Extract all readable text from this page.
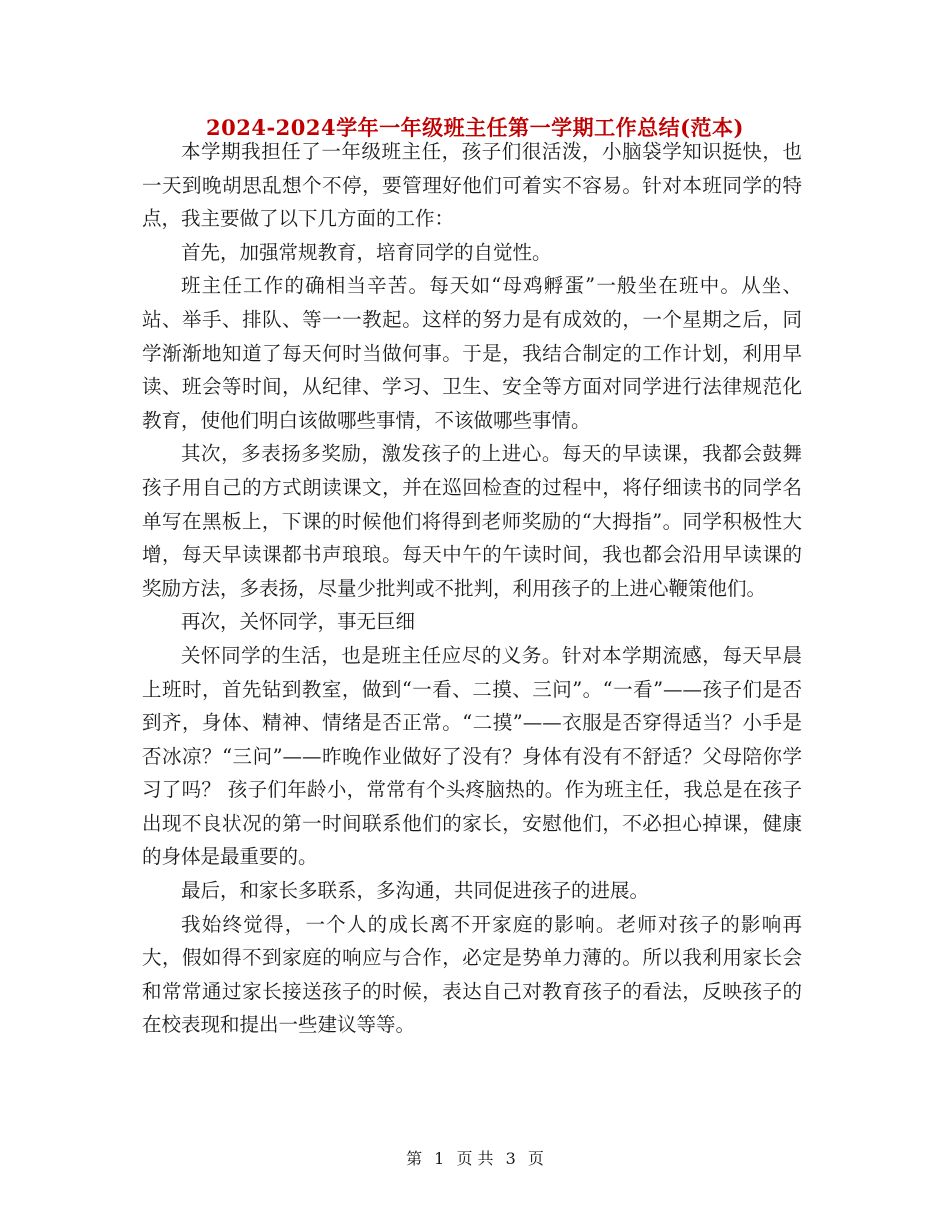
2024-2024学年一年级班主任第一学期工作总结(范本)

本学期我担任了一年级班主任，孩子们很活泼，小脑袋学知识挺快，也一天到晚胡思乱想个不停，要管理好他们可着实不容易。针对本班同学的特点，我主要做了以下几方面的工作：

首先，加强常规教育，培育同学的自觉性。

班主任工作的确相当辛苦。每天如“母鸡孵蛋”一般坐在班中。从坐、站、举手、排队、等一一教起。这样的努力是有成效的，一个星期之后，同学渐渐地知道了每天何时当做何事。于是，我结合制定的工作计划，利用早读、班会等时间，从纪律、学习、卫生、安全等方面对同学进行法律规范化教育，使他们明白该做哪些事情，不该做哪些事情。

其次，多表扬多奖励，激发孩子的上进心。每天的早读课，我都会鼓舞孩子用自己的方式朗读课文，并在巡回检查的过程中，将仔细读书的同学名单写在黑板上，下课的时候他们将得到老师奖励的“大拇指”。同学积极性大增，每天早读课都书声琅琅。每天中午的午读时间，我也都会沿用早读课的奖励方法，多表扬，尽量少批判或不批判，利用孩子的上进心鞭策他们。

再次，关怀同学，事无巨细

关怀同学的生活，也是班主任应尽的义务。针对本学期流感，每天早晨上班时，首先钻到教室，做到“一看、二摸、三问”。“一看”——孩子们是否到齐，身体、精神、情绪是否正常。“二摸”——衣服是否穿得适当？小手是否冰凉？“三问”——昨晚作业做好了没有？身体有没有不舒适？父母陪你学习了吗？ 孩子们年龄小，常常有个头疼脑热的。作为班主任，我总是在孩子出现不良状况的第一时间联系他们的家长，安慰他们，不必担心掉课，健康的身体是最重要的。

最后，和家长多联系，多沟通，共同促进孩子的进展。

我始终觉得，一个人的成长离不开家庭的影响。老师对孩子的影响再大，假如得不到家庭的响应与合作，必定是势单力薄的。所以我利用家长会和常常通过家长接送孩子的时候，表达自己对教育孩子的看法，反映孩子的在校表现和提出一些建议等等。

第 1 页 共 3 页
